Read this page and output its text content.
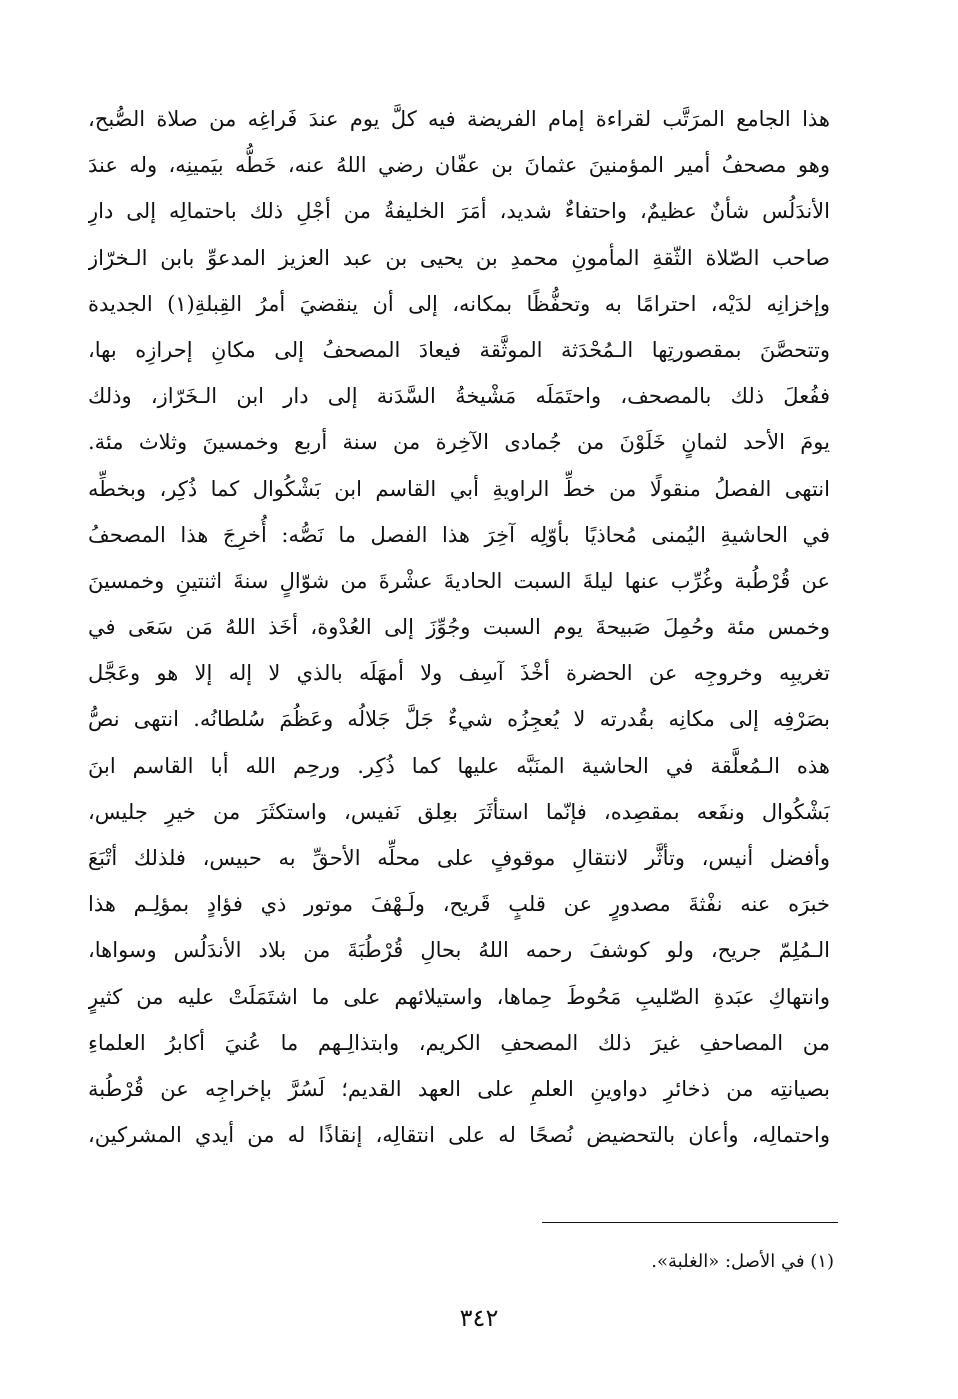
هذا الجامع المرَتَّب لقراءة إمام الفريضة فيه كلَّ يوم عندَ فَراغِه من صلاة الصُّبح،
وهو مصحفُ أمير المؤمنينَ عثمانَ بن عفّان رضي اللهُ عنه، خَطُّه بيَمينِه، وله عندَ
الأندَلُس شأنٌ عظيمٌ، واحتفاءٌ شديد، أمَرَ الخليفةُ من أجْلِ ذلك باحتمالِه إلى دارِ
صاحب الصّلاة الثّقةِ المأمونِ محمدِ بن يحيى بن عبد العزيز المدعوِّ بابن الـخرّاز
وإخزانِه لدَيْه، احترامًا به وتحفُّظًا بمكانه، إلى أن ينقضيَ أمرُ القِبلةِ(١) الجديدة
وتتحصَّنَ بمقصورتِها الـمُحْدَثة الموثَّقة فيعادَ المصحفُ إلى مكانِ إحرازِه بها،
ففُعلَ ذلك بالمصحف، واحتَمَلَه مَشْيخةُ السَّدَنة إلى دار ابن الـخَرّاز، وذلك
يومَ الأحد لثمانٍ خَلَوْنَ من جُمادى الآخِرة من سنة أربع وخمسينَ وثلاث مئة.
انتهى الفصلُ منقولًا من خطِّ الراويةِ أبي القاسم ابن بَشْكُوال كما ذُكِر، وبخطِّه
في الحاشيةِ اليُمنى مُحاذيًا بأوّلِه آخِرَ هذا الفصل ما نَصُّه: أُخرِجَ هذا المصحفُ
عن قُرْطُبة وغُرِّب عنها ليلةَ السبت الحاديةَ عشْرةَ من شوّالٍ سنةَ اثنتينِ وخمسينَ
وخمس مئة وحُمِلَ صَبيحةَ يوم السبت وجُوِّزَ إلى العُدْوة، أخَذ اللهُ مَن سَعَى في
تغريبِه وخروجِه عن الحضرة أخْذَ آسِف ولا أمهَلَه بالذي لا إله إلا هو وعَجَّل
بصَرْفِه إلى مكانِه بقُدرته لا يُعجِزُه شيءٌ جَلَّ جَلالُه وعَظُمَ سُلطانُه. انتهى نصُّ
هذه الـمُعلَّقة في الحاشية المنَبَّه عليها كما ذُكِر. ورحِم الله أبا القاسم ابنَ
بَشْكُوال ونفَعه بمقصِده، فإنّما استأثَرَ بعِلق نَفيس، واستكثَرَ من خيرِ جليس،
وأفضل أنيس، وتأثَّر لانتقالِ موقوفٍ على محلِّه الأحقِّ به حبيس، فلذلك أتْبَعَ
خبرَه عنه نفْثةَ مصدورٍ عن قلبٍ قَريح، ولَـهْفَ موتور ذي فؤادٍ بمؤلِـم هذا
الـمُلِمّ جريح، ولو كوشفَ رحمه اللهُ بحالِ قُرْطُبَةَ من بلاد الأندَلُس وسواها،
وانتهاكِ عبَدةِ الصّليبِ مَحُوطَ حِماها، واستيلائهم على ما اشتَمَلَتْ عليه من كثيرٍ
من المصاحفِ غيرَ ذلك المصحفِ الكريم، وابتذالِـهم ما عُنيَ أكابرُ العلماءِ
بصيانتِه من ذخائرِ دواوينِ العلمِ على العهد القديم؛ لَسُرَّ بإخراجِه عن قُرْطُبة
واحتمالِه، وأعان بالتحضيض نُصحًا له على انتقالِه، إنقاذًا له من أيدي المشركين،
(١) في الأصل: «الغلبة».
٣٤٢
